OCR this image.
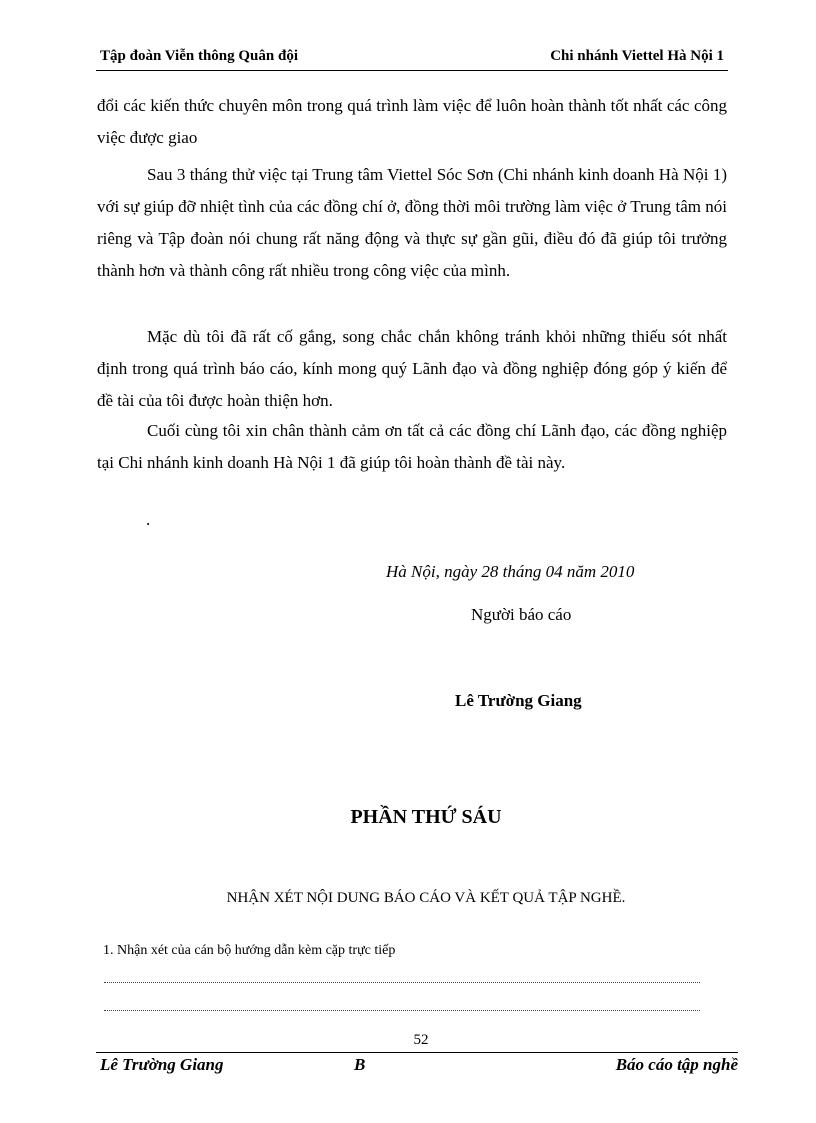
Tập đoàn Viễn thông Quân đội	Chi nhánh Viettel Hà Nội 1

đổi các kiến thức chuyên môn trong quá trình làm việc để luôn hoàn thành tốt nhất các công việc được giao

Sau 3 tháng thử việc tại Trung tâm Viettel Sóc Sơn (Chi nhánh kinh doanh Hà Nội 1) với sự giúp đỡ nhiệt tình của các đồng chí ở, đồng thời môi trường làm việc ở Trung tâm nói riêng và Tập đoàn nói chung rất năng động và thực sự gần gũi, điều đó đã giúp tôi trưởng thành hơn và thành công rất nhiều trong công việc của mình.

Mặc dù tôi đã rất cố gắng, song chắc chắn không tránh khỏi những thiếu sót nhất định trong quá trình báo cáo, kính mong quý Lãnh đạo và đồng nghiệp đóng góp ý kiến để đề tài của tôi được hoàn thiện hơn.

Cuối cùng tôi xin chân thành cảm ơn tất cả các đồng chí Lãnh đạo, các đồng nghiệp tại Chi nhánh kinh doanh Hà Nội 1 đã giúp tôi hoàn thành đề tài này.

.
Hà Nội, ngày 28 tháng 04 năm 2010
Người báo cáo
Lê Trường Giang
PHẦN THỨ SÁU
NHẬN XÉT NỘI DUNG BÁO CÁO VÀ KẾT QUẢ TẬP NGHỀ.
1. Nhận xét của cán bộ hướng dẫn kèm cặp trực tiếp
52
Lê Trường Giang	B	Báo cáo tập nghề
